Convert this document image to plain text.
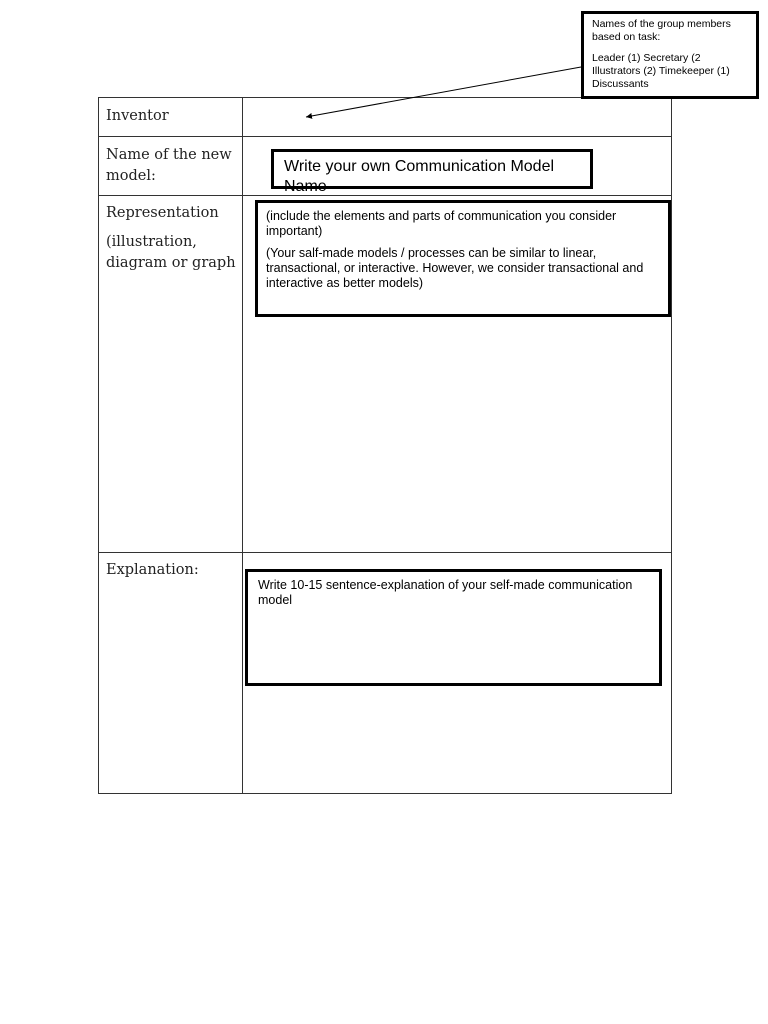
Inventor
Name of the new
model:
Representation
(illustration,
diagram or graph
Explanation:

Names of the group members based on task:

Leader (1) Secretary (2 Illustrators (2) Timekeeper (1) Discussants

Write your own Communication Model Name

(include the elements and parts of communication you consider important)

(Your salf-made models / processes can be similar to linear, transactional, or interactive. However, we consider transactional and interactive as better models)

Write 10-15 sentence-explanation of your self-made communication model
